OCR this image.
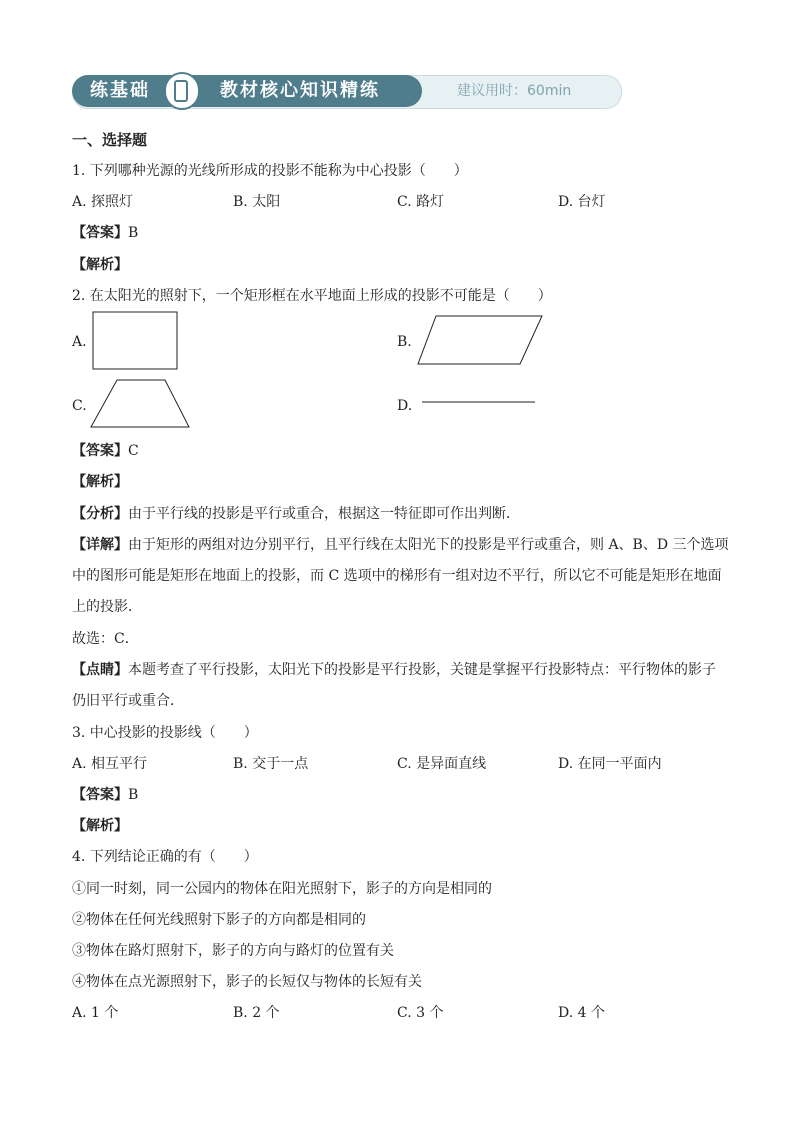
练基础	教材核心知识精练	建议用时：60min
一、选择题
1. 下列哪种光源的光线所形成的投影不能称为中心投影（　　）
A. 探照灯	B. 太阳	C. 路灯	D. 台灯
【答案】B
【解析】
2. 在太阳光的照射下，一个矩形框在水平地面上形成的投影不可能是（　　）
A.	B.
C.	D.
【答案】C
【解析】
【分析】由于平行线的投影是平行或重合，根据这一特征即可作出判断．
【详解】由于矩形的两组对边分别平行，且平行线在太阳光下的投影是平行或重合，则 A、B、D 三个选项
中的图形可能是矩形在地面上的投影，而 C 选项中的梯形有一组对边不平行，所以它不可能是矩形在地面
上的投影．
故选：C．
【点睛】本题考查了平行投影，太阳光下的投影是平行投影，关键是掌握平行投影特点：平行物体的影子
仍旧平行或重合．
3. 中心投影的投影线（　　）
A. 相互平行	B. 交于一点	C. 是异面直线	D. 在同一平面内
【答案】B
【解析】
4. 下列结论正确的有（　　）
①同一时刻，同一公园内的物体在阳光照射下，影子的方向是相同的
②物体在任何光线照射下影子的方向都是相同的
③物体在路灯照射下，影子的方向与路灯的位置有关
④物体在点光源照射下，影子的长短仅与物体的长短有关
A. 1 个	B. 2 个	C. 3 个	D. 4 个
